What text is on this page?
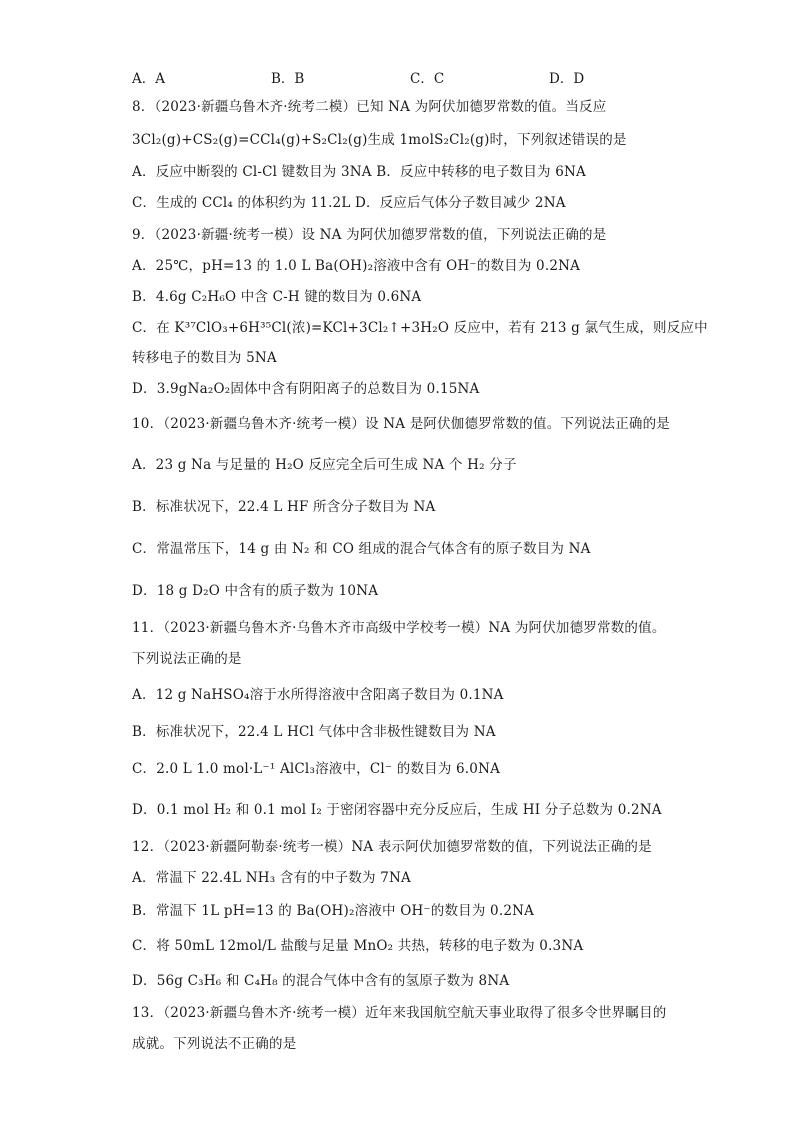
A．A	B．B	C．C	D．D
8．（2023·新疆乌鲁木齐·统考二模）已知 NA 为阿伏加德罗常数的值。当反应
3Cl₂(g)+CS₂(g)=CCl₄(g)+S₂Cl₂(g)生成 1molS₂Cl₂(g)时，下列叙述错误的是
A．反应中断裂的 Cl-Cl 键数目为 3NA B．反应中转移的电子数目为 6NA
C．生成的 CCl₄ 的体积约为 11.2L D．反应后气体分子数目减少 2NA
9．（2023·新疆·统考一模）设 NA 为阿伏加德罗常数的值，下列说法正确的是
A．25℃，pH=13 的 1.0 L Ba(OH)₂溶液中含有 OH⁻的数目为 0.2NA
B．4.6g C₂H₆O 中含 C-H 键的数目为 0.6NA
C．在 K³⁷ClO₃+6H³⁵Cl(浓)=KCl+3Cl₂↑+3H₂O 反应中，若有 213 g 氯气生成，则反应中
转移电子的数目为 5NA
D．3.9gNa₂O₂固体中含有阴阳离子的总数目为 0.15NA
10．（2023·新疆乌鲁木齐·统考一模）设 NA 是阿伏伽德罗常数的值。下列说法正确的是
A．23 g Na 与足量的 H₂O 反应完全后可生成 NA 个 H₂ 分子
B．标准状况下，22.4 L HF 所含分子数目为 NA
C．常温常压下，14 g 由 N₂ 和 CO 组成的混合气体含有的原子数目为 NA
D．18 g D₂O 中含有的质子数为 10NA
11．（2023·新疆乌鲁木齐·乌鲁木齐市高级中学校考一模）NA 为阿伏加德罗常数的值。
下列说法正确的是
A．12 g NaHSO₄溶于水所得溶液中含阳离子数目为 0.1NA
B．标准状况下，22.4 L HCl 气体中含非极性键数目为 NA
C．2.0 L 1.0 mol·L⁻¹ AlCl₃溶液中，Cl⁻ 的数目为 6.0NA
D．0.1 mol H₂ 和 0.1 mol I₂ 于密闭容器中充分反应后，生成 HI 分子总数为 0.2NA
12．（2023·新疆阿勒泰·统考一模）NA 表示阿伏加德罗常数的值，下列说法正确的是
A．常温下 22.4L NH₃ 含有的中子数为 7NA
B．常温下 1L pH=13 的 Ba(OH)₂溶液中 OH⁻的数目为 0.2NA
C．将 50mL 12mol/L 盐酸与足量 MnO₂ 共热，转移的电子数为 0.3NA
D．56g C₃H₆ 和 C₄H₈ 的混合气体中含有的氢原子数为 8NA
13．（2023·新疆乌鲁木齐·统考一模）近年来我国航空航天事业取得了很多令世界瞩目的
成就。下列说法不正确的是
